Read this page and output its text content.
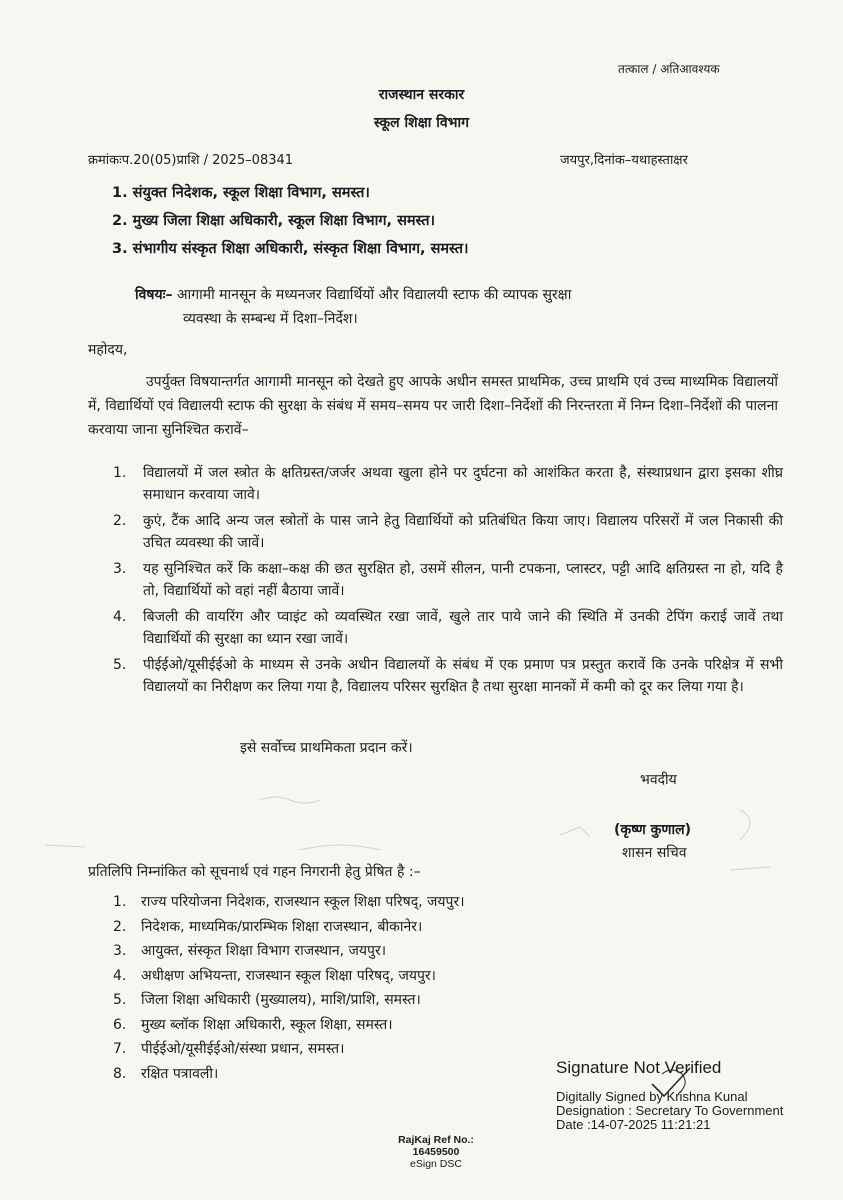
तत्काल / अतिआवश्यक
राजस्थान सरकार
स्कूल शिक्षा विभाग
क्रमांकःप.20(05)प्राशि / 2025–08341	जयपुर,दिनांक–यथाहस्ताक्षर
1. संयुक्त निदेशक, स्कूल शिक्षा विभाग, समस्त।
2. मुख्य जिला शिक्षा अधिकारी, स्कूल शिक्षा विभाग, समस्त।
3. संभागीय संस्कृत शिक्षा अधिकारी, संस्कृत शिक्षा विभाग, समस्त।
विषयः– आगामी मानसून के मध्यनजर विद्यार्थियों और विद्यालयी स्टाफ की व्यापक सुरक्षा
व्यवस्था के सम्बन्ध में दिशा–निर्देश।
महोदय,
उपर्युक्त विषयान्तर्गत आगामी मानसून को देखते हुए आपके अधीन समस्त प्राथमिक, उच्च प्राथमि एवं उच्च माध्यमिक विद्यालयों में, विद्यार्थियों एवं विद्यालयी स्टाफ की सुरक्षा के संबंध में समय–समय पर जारी दिशा–निर्देशों की निरन्तरता में निम्न दिशा–निर्देशों की पालना करवाया जाना सुनिश्चित करावें–
1. विद्यालयों में जल स्त्रोत के क्षतिग्रस्त/जर्जर अथवा खुला होने पर दुर्घटना को आशंकित करता है, संस्थाप्रधान द्वारा इसका शीघ्र समाधान करवाया जावे।
2. कुएं, टैंक आदि अन्य जल स्त्रोतों के पास जाने हेतु विद्यार्थियों को प्रतिबंधित किया जाए। विद्यालय परिसरों में जल निकासी की उचित व्यवस्था की जावें।
3. यह सुनिश्चित करें कि कक्षा–कक्ष की छत सुरक्षित हो, उसमें सीलन, पानी टपकना, प्लास्टर, पट्टी आदि क्षतिग्रस्त ना हो, यदि है तो, विद्यार्थियों को वहां नहीं बैठाया जावें।
4. बिजली की वायरिंग और प्वाइंट को व्यवस्थित रखा जावें, खुले तार पाये जाने की स्थिति में उनकी टेपिंग कराई जावें तथा विद्यार्थियों की सुरक्षा का ध्यान रखा जावें।
5. पीईईओ/यूसीईईओ के माध्यम से उनके अधीन विद्यालयों के संबंध में एक प्रमाण पत्र प्रस्तुत करावें कि उनके परिक्षेत्र में सभी विद्यालयों का निरीक्षण कर लिया गया है, विद्यालय परिसर सुरक्षित है तथा सुरक्षा मानकों में कमी को दूर कर लिया गया है।
इसे सर्वोच्च प्राथमिकता प्रदान करें।
भवदीय
(कृष्ण कुणाल)
शासन सचिव
प्रतिलिपि निम्नांकित को सूचनार्थ एवं गहन निगरानी हेतु प्रेषित है :–
1. राज्य परियोजना निदेशक, राजस्थान स्कूल शिक्षा परिषद्, जयपुर।
2. निदेशक, माध्यमिक/प्रारम्भिक शिक्षा राजस्थान, बीकानेर।
3. आयुक्त, संस्कृत शिक्षा विभाग राजस्थान, जयपुर।
4. अधीक्षण अभियन्ता, राजस्थान स्कूल शिक्षा परिषद्, जयपुर।
5. जिला शिक्षा अधिकारी (मुख्यालय), माशि/प्राशि, समस्त।
6. मुख्य ब्लॉक शिक्षा अधिकारी, स्कूल शिक्षा, समस्त।
7. पीईईओ/यूसीईईओ/संस्था प्रधान, समस्त।
8. रक्षित पत्रावली।	Signature Not Verified
Digitally Signed by Krishna Kunal
Designation : Secretary To Government
Date :14-07-2025 11:21:21
RajKaj Ref No.:
16459500
eSign DSC
